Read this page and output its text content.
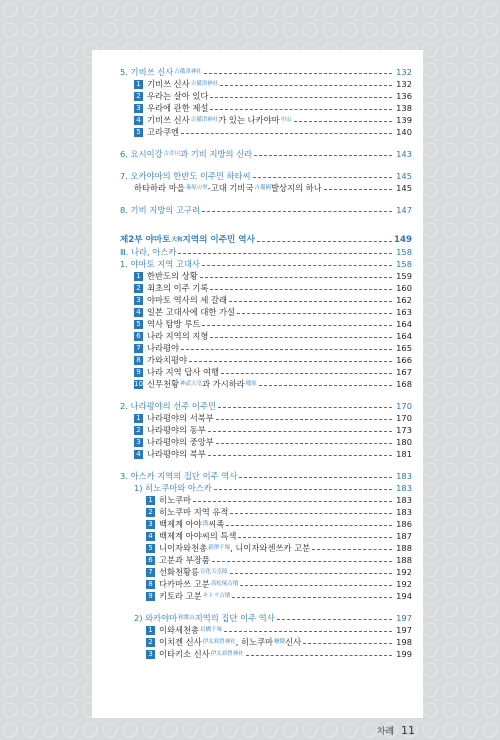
5. 기비쓰 신사 吉備津神社	132
1 기비쓰 신사 吉備津神社	132
2 우라는 살아 있다	136
3 우라에 관한 제설	138
4 기비쓰 신사 吉備津神社 가 있는 나카야마 中山	139
5 고라쿠엔	140
6. 요시이강 吉井川 과 기비 지방의 신라	143
7. 오카야마의 한반도 이주민 하타씨	145
하타하라 마을 秦原の里 -고대 기비국 吉備國 발상지의 하나	145
8. 기비 지방의 고구려	147
제2부 야마토 大和 지역의 이주민 역사	149
Ⅲ. 나라, 아스카	158
1. 야마토 지역 고대사	158
1 한반도의 상황	159
2 최초의 이주 기록	160
3 야마토 역사의 세 갈래	162
4 일본 고대사에 대한 가설	163
5 역사 탐방 루트	164
6 나라 지역의 지형	164
7 나라평야	165
8 가와치평야	166
9 나라 지역 답사 여행	167
10 신무천황 神武天皇 과 가시하라 橿原	168
2. 나라평야의 선주 이주민	170
1 나라평야의 서북부	170
2 나라평야의 동부	173
3 나라평야의 중앙부	180
4 나라평야의 북부	181
3. 아스카 지역의 집단 이주 역사	183
1) 히노쿠마와 아스카	183
1 히노쿠마	183
2 히노쿠마 지역 유적	183
3 백제계 아야 漢 씨족	186
4 백제계 아야씨의 특색	187
5 니이자와천총 新澤千塚 , 니이자와센쓰카 고분	188
6 고분과 부장품	188
7 선화천황릉 宣化天皇陵	192
8 다카마쓰 고분 高松塚古墳	192
9 키토라 고분 キトラ古墳	194
2) 와카야마 和歌山 지역의 집단 이주 역사	197
1 이와세천총 岩橋千塚	197
2 이치젠 신사 伊太祁曾神社 , 히노쿠마 檜隈 신사	198
3 이타키소 신사 伊太祁曾神社	199
차례 11
